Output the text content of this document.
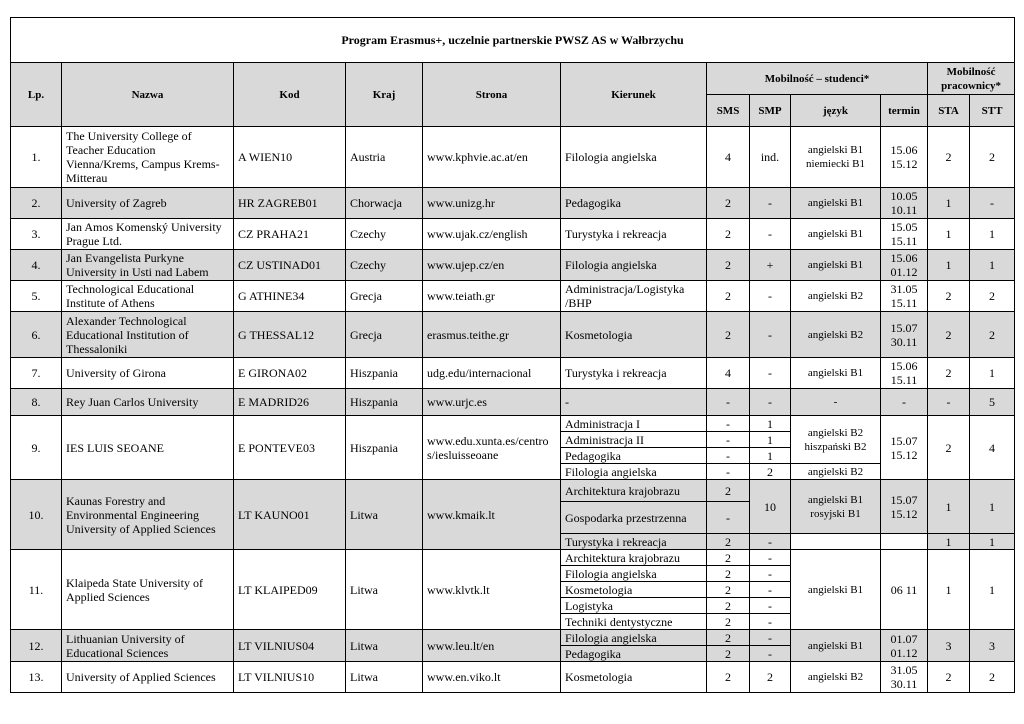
Program Erasmus+, uczelnie partnerskie PWSZ AS w Wałbrzychu											
Lp.	Nazwa	Kod	Kraj	Strona	Kierunek	Mobilność – studenci*				Mobilność pracownicy*	
						SMS	SMP	język	termin	STA	STT
1.	The University College of Teacher Education Vienna/Krems, Campus Krems-Mitterau	A WIEN10	Austria	www.kphvie.ac.at/en	Filologia angielska	4	ind.	angielski B1 niemiecki B1	15.06 15.12	2	2
2.	University of Zagreb	HR ZAGREB01	Chorwacja	www.unizg.hr	Pedagogika	2	-	angielski B1	10.05 10.11	1	-
3.	Jan Amos Komenský University Prague Ltd.	CZ PRAHA21	Czechy	www.ujak.cz/english	Turystyka i rekreacja	2	-	angielski B1	15.05 15.11	1	1
4.	Jan Evangelista Purkyne University in Usti nad Labem	CZ USTINAD01	Czechy	www.ujep.cz/en	Filologia angielska	2	+	angielski B1	15.06 01.12	1	1
5.	Technological Educational Institute of Athens	G ATHINE34	Grecja	www.teiath.gr	Administracja/Logistyka /BHP	2	-	angielski B2	31.05 15.11	2	2
6.	Alexander Technological Educational Institution of Thessaloniki	G THESSAL12	Grecja	erasmus.teithe.gr	Kosmetologia	2	-	angielski B2	15.07 30.11	2	2
7.	University of Girona	E GIRONA02	Hiszpania	udg.edu/internacional	Turystyka i rekreacja	4	-	angielski B1	15.06 15.11	2	1
8.	Rey Juan Carlos University	E MADRID26	Hiszpania	www.urjc.es	-	-	-	-	-	-	5
9.	IES LUIS SEOANE	E PONTEVE03	Hiszpania	www.edu.xunta.es/centros/iesluisseoane	Administracja I	-	1	angielski B2 hiszpański B2	15.07 15.12	2	4
					Administracja II	-	1				
					Pedagogika	-	1				
					Filologia angielska	-	2	angielski B2			
10.	Kaunas Forestry and Environmental Engineering University of Applied Sciences	LT KAUNO01	Litwa	www.kmaik.lt	Architektura krajobrazu	2	10	angielski B1 rosyjski B1	15.07 15.12	1	1
					Gospodarka przestrzenna	-					
					Turystyka i rekreacja	2	-			1	1
11.	Klaipeda State University of Applied Sciences	LT KLAIPED09	Litwa	www.klvtk.lt	Architektura krajobrazu	2	-	angielski B1	06 11	1	1
					Filologia angielska	2	-				
					Kosmetologia	2	-				
					Logistyka	2	-				
					Techniki dentystyczne	2	-				
12.	Lithuanian University of Educational Sciences	LT VILNIUS04	Litwa	www.leu.lt/en	Filologia angielska	2	-	angielski B1	01.07 01.12	3	3
					Pedagogika	2	-				
13.	University of Applied Sciences	LT VILNIUS10	Litwa	www.en.viko.lt	Kosmetologia	2	2	angielski B2	31.05 30.11	2	2
